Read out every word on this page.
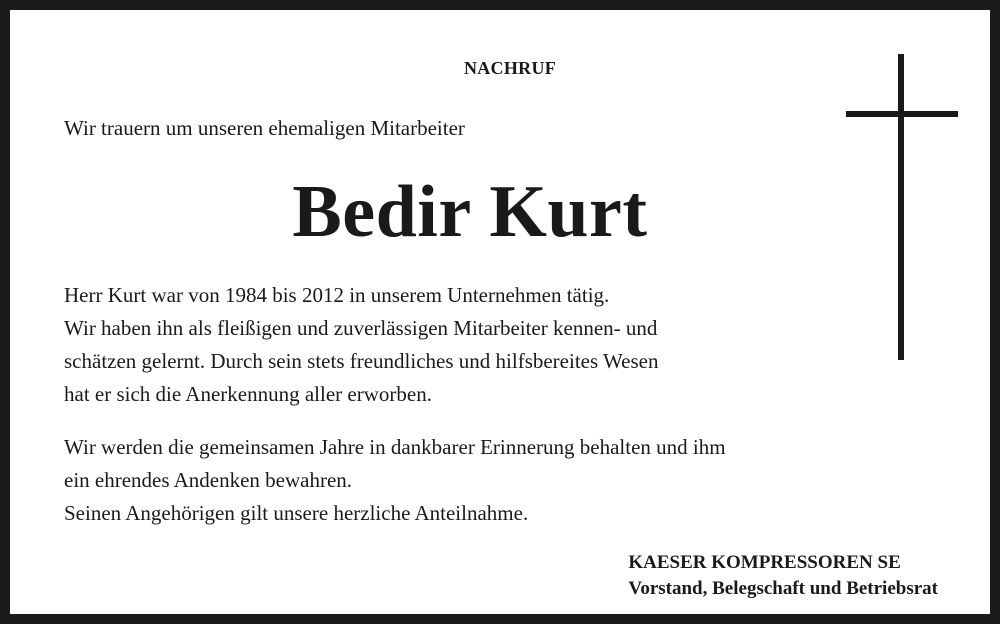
NACHRUF
Wir trauern um unseren ehemaligen Mitarbeiter
Bedir Kurt
Herr Kurt war von 1984 bis 2012 in unserem Unternehmen tätig.
Wir haben ihn als fleißigen und zuverlässigen Mitarbeiter kennen- und
schätzen gelernt. Durch sein stets freundliches und hilfsbereites Wesen
hat er sich die Anerkennung aller erworben.
Wir werden die gemeinsamen Jahre in dankbarer Erinnerung behalten und ihm
ein ehrendes Andenken bewahren.
Seinen Angehörigen gilt unsere herzliche Anteilnahme.
KAESER KOMPRESSOREN SE
Vorstand, Belegschaft und Betriebsrat
